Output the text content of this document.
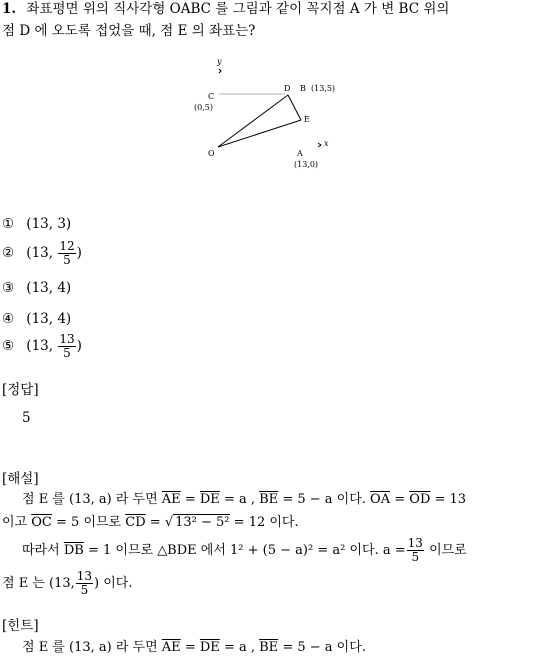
1. 좌표평면 위의 직사각형 OABC 를 그림과 같이 꼭지점 A 가 변 BC 위의
점 D 에 오도록 접었을 때, 점 E 의 좌표는?
y
C
(0,5)
D B (13,5)
E
O
x
A
(13,0)
① (13, 3)
② (13, $\frac{12}{5}$ )
③ (13, 4)
④ (13, 4)
⑤ (13, $\frac{13}{5}$ )
[정답]
5
[해설]
점 E 를 (13, a) 라 두면 $\overline{AE} = \overline{DE} = a$ , $\overline{BE} = 5 - a$ 이다. $\overline{OA} = \overline{OD} = 13$
이고 $\overline{OC} = 5$ 이므로 $\overline{CD}$ = √ 13² − 5² = 12 이다.
따라서 $\overline{DB} = 1$ 이므로 △BDE 에서 1² + (5 − a)² = a² 이다. $a = \frac{13}{5}$ 이므로
점 E 는 (13, $\frac{13}{5}$ ) 이다.
[힌트]
점 E 를 (13, a) 라 두면 $\overline{AE} = \overline{DE} = a$ , $\overline{BE} = 5 - a$ 이다.
